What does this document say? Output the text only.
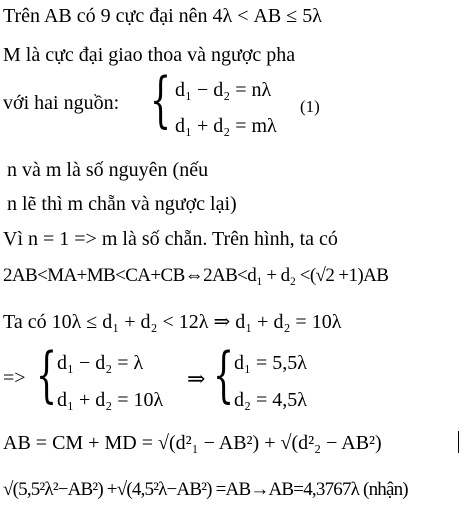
Trên AB có 9 cực đại nên 4λ < AB ≤ 5λ
M là cực đại giao thoa và ngược pha
với hai nguồn: { d₁ − d₂ = nλ
d₁ + d₂ = mλ
(1)
n và m là số nguyên (nếu
n lẽ thì m chẵn và ngược lại)
Vì n = 1 => m là số chẵn. Trên hình, ta có
2AB<MA+MB<CA+CB⇔2AB<d₁ + d₂ <(√2 +1)AB
Ta có 10λ ≤ d₁ + d₂ < 12λ ⇒ d₁ + d₂ = 10λ
=> { d₁ − d₂ = λ
d₁ + d₂ = 10λ
⇒ { d₁ = 5,5λ
d₂ = 4,5λ
AB = CM + MD = √(d²₁ − AB²) + √(d²₂ − AB²)
√(5,5²λ²−AB²) +√(4,5²λ−AB²) =AB→AB=4,3767λ (nhận)
